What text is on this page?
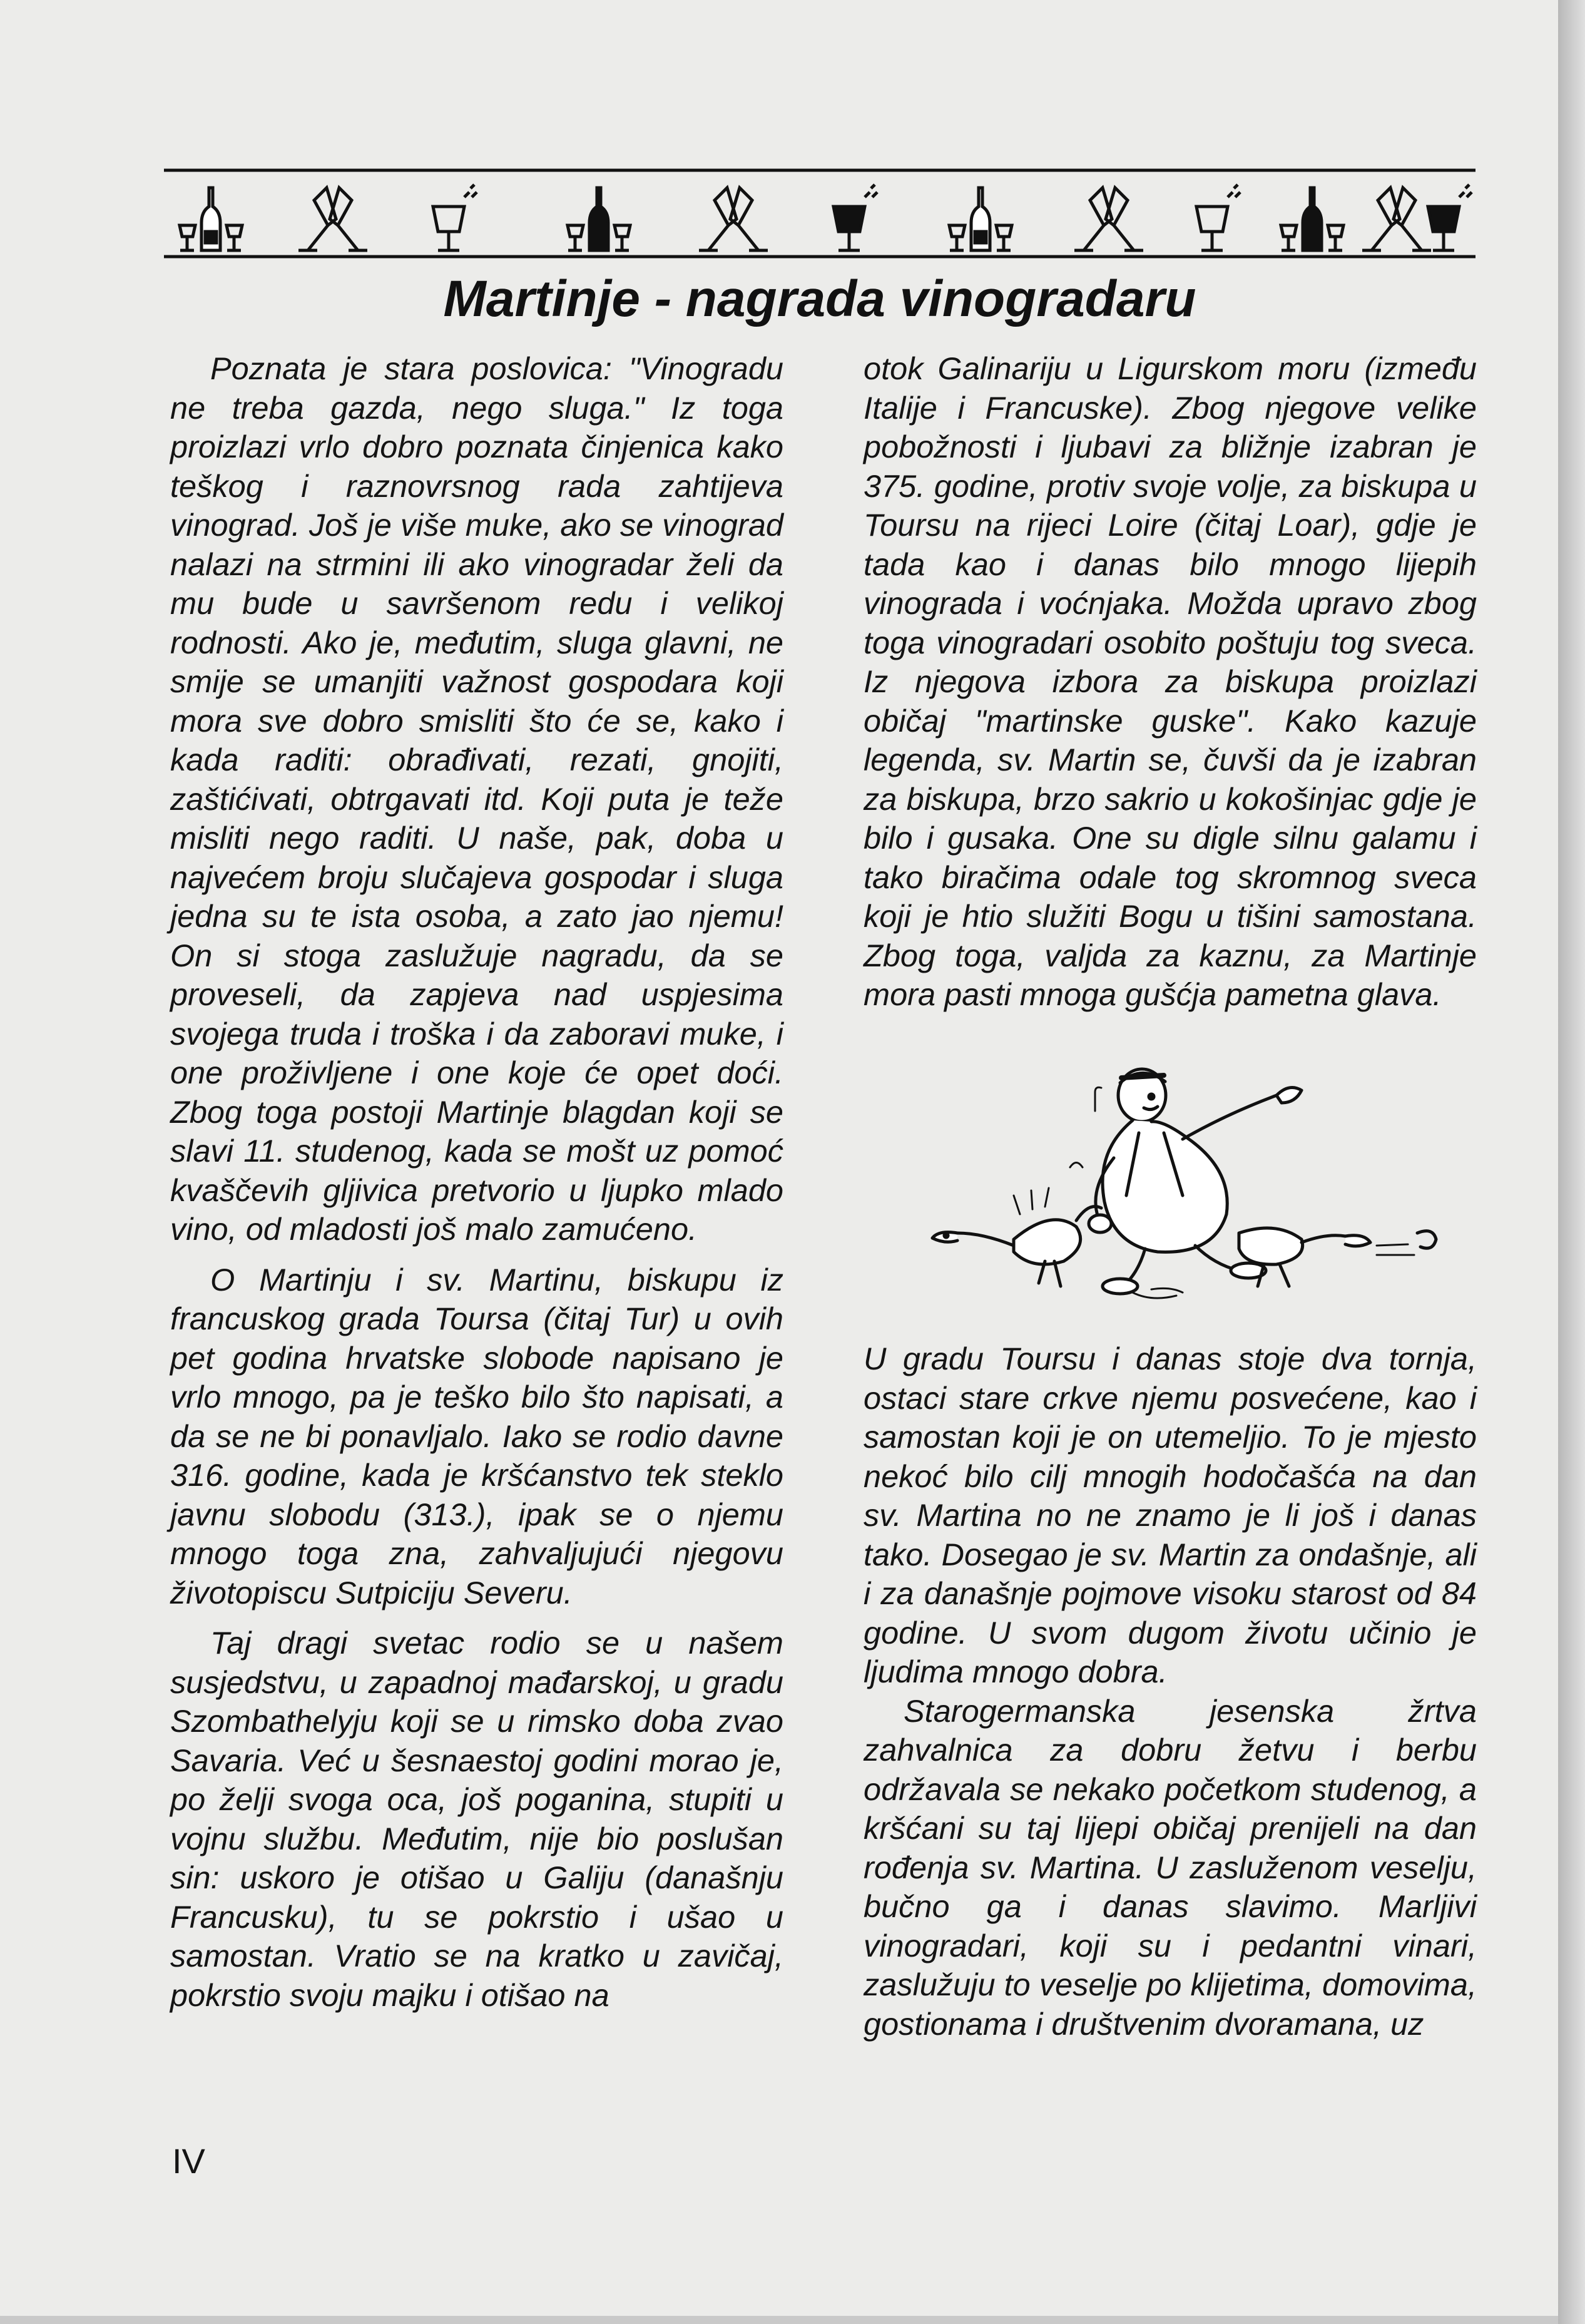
Martinje - nagrada vinogradaru

Poznata je stara poslovica: "Vinogradu ne treba gazda, nego sluga." Iz toga proizlazi vrlo dobro poznata činjenica kako teškog i raznovrsnog rada zahtijeva vinograd. Još je više muke, ako se vinograd nalazi na strmini ili ako vinogradar želi da mu bude u savršenom redu i velikoj rodnosti. Ako je, međutim, sluga glavni, ne smije se umanjiti važnost gospodara koji mora sve dobro smisliti što će se, kako i kada raditi: obrađivati, rezati, gnojiti, zaštićivati, obtrgavati itd. Koji puta je teže misliti nego raditi. U naše, pak, doba u najvećem broju slučajeva gospodar i sluga jedna su te ista osoba, a zato jao njemu! On si stoga zaslužuje nagradu, da se proveseli, da zapjeva nad uspjesima svojega truda i troška i da zaboravi muke, i one proživljene i one koje će opet doći. Zbog toga postoji Martinje blagdan koji se slavi 11. studenog, kada se mošt uz pomoć kvaščevih gljivica pretvorio u ljupko mlado vino, od mladosti još malo zamućeno.

O Martinju i sv. Martinu, biskupu iz francuskog grada Toursa (čitaj Tur) u ovih pet godina hrvatske slobode napisano je vrlo mnogo, pa je teško bilo što napisati, a da se ne bi ponavljalo. Iako se rodio davne 316. godine, kada je kršćanstvo tek steklo javnu slobodu (313.), ipak se o njemu mnogo toga zna, zahvaljujući njegovu životopiscu Sutpiciju Severu.

Taj dragi svetac rodio se u našem susjedstvu, u zapadnoj mađarskoj, u gradu Szombathelyju koji se u rimsko doba zvao Savaria. Već u šesnaestoj godini morao je, po želji svoga oca, još poganina, stupiti u vojnu službu. Međutim, nije bio poslušan sin: uskoro je otišao u Galiju (današnju Francusku), tu se pokrstio i ušao u samostan. Vratio se na kratko u zavičaj, pokrstio svoju majku i otišao na

otok Galinariju u Ligurskom moru (između Italije i Francuske). Zbog njegove velike pobožnosti i ljubavi za bližnje izabran je 375. godine, protiv svoje volje, za biskupa u Toursu na rijeci Loire (čitaj Loar), gdje je tada kao i danas bilo mnogo lijepih vinograda i voćnjaka. Možda upravo zbog toga vinogradari osobito poštuju tog sveca. Iz njegova izbora za biskupa proizlazi običaj "martinske guske". Kako kazuje legenda, sv. Martin se, čuvši da je izabran za biskupa, brzo sakrio u kokošinjac gdje je bilo i gusaka. One su digle silnu galamu i tako biračima odale tog skromnog sveca koji je htio služiti Bogu u tišini samostana. Zbog toga, valjda za kaznu, za Martinje mora pasti mnoga gušćja pametna glava.

U gradu Toursu i danas stoje dva tornja, ostaci stare crkve njemu posvećene, kao i samostan koji je on utemeljio. To je mjesto nekoć bilo cilj mnogih hodočašća na dan sv. Martina no ne znamo je li još i danas tako. Dosegao je sv. Martin za ondašnje, ali i za današnje pojmove visoku starost od 84 godine. U svom dugom životu učinio je ljudima mnogo dobra.

Starogermanska jesenska žrtva zahvalnica za dobru žetvu i berbu održavala se nekako početkom studenog, a kršćani su taj lijepi običaj prenijeli na dan rođenja sv. Martina. U zasluženom veselju, bučno ga i danas slavimo. Marljivi vinogradari, koji su i pedantni vinari, zaslužuju to veselje po klijetima, domovima, gostionama i društvenim dvoramana, uz

IV
